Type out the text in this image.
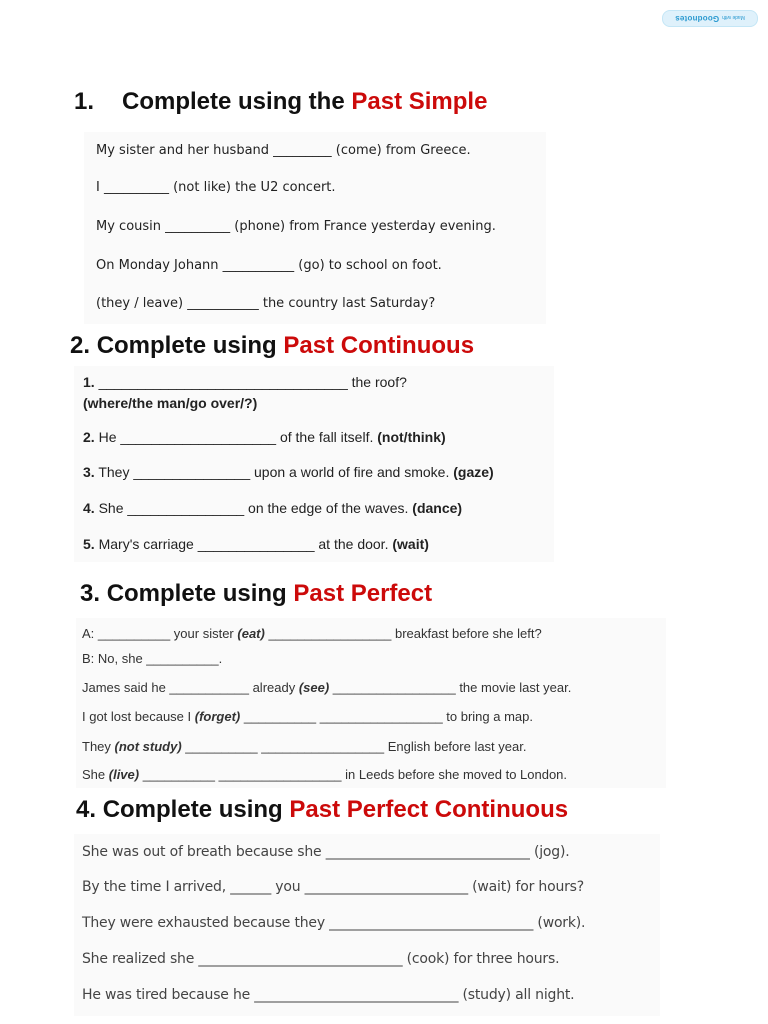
Made withGoodnotes
1. Complete using the Past Simple
My sister and her husband _________ (come) from Greece.
I __________ (not like) the U2 concert.
My cousin __________ (phone) from France yesterday evening.
On Monday Johann ___________ (go) to school on foot.
(they / leave) ___________ the country last Saturday?
2. Complete using Past Continuous
1. ________________________________ the roof?
(where/the man/go over/?)
2. He ____________________ of the fall itself. (not/think)
3. They _______________ upon a world of fire and smoke. (gaze)
4. She _______________ on the edge of the waves. (dance)
5. Mary's carriage _______________ at the door. (wait)
3. Complete using Past Perfect
A: __________ your sister (eat) _________________ breakfast before she left?
B: No, she __________.
James said he ___________ already (see) _________________ the movie last year.
I got lost because I (forget) __________ _________________ to bring a map.
They (not study) __________ _________________ English before last year.
She (live) __________ _________________ in Leeds before she moved to London.
4. Complete using Past Perfect Continuous
She was out of breath because she ______________________________ (jog).
By the time I arrived, ______ you ________________________ (wait) for hours?
They were exhausted because they ______________________________ (work).
She realized she ______________________________ (cook) for three hours.
He was tired because he ______________________________ (study) all night.
